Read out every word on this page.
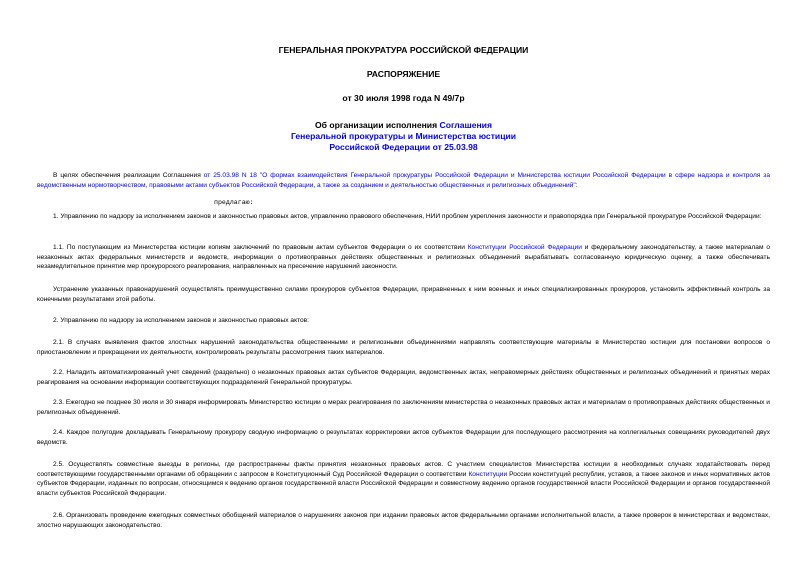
ГЕНЕРАЛЬНАЯ ПРОКУРАТУРА РОССИЙСКОЙ ФЕДЕРАЦИИ

РАСПОРЯЖЕНИЕ

от 30 июля 1998 года N 49/7р

Об организации исполнения Соглашения
Генеральной прокуратуры и Министерства юстиции
Российской Федерации от 25.03.98

В целях обеспечения реализации Соглашения от 25.03.98 N 18 "О формах взаимодействия Генеральной прокуратуры Российской Федерации и Министерства юстиции Российской Федерации в сфере надзора и контроля за ведомственным нормотворчеством, правовыми актами субъектов Российской Федерации, а также за созданием и деятельностью общественных и религиозных объединений":

предлагаю:

1. Управлению по надзору за исполнением законов и законностью правовых актов, управлению правового обеспечения, НИИ проблем укрепления законности и правопорядка при Генеральной прокуратуре Российской Федерации:

1.1. По поступающим из Министерства юстиции копиям заключений по правовым актам субъектов Федерации о их соответствии Конституции Российской Федерации и федеральному законодательству, а также материалам о незаконных актах федеральных министерств и ведомств, информации о противоправных действиях общественных и религиозных объединений вырабатывать согласованную юридическую оценку, а также обеспечивать незамедлительное принятие мер прокурорского реагирования, направленных на пресечение нарушений законности.

Устранение указанных правонарушений осуществлять преимущественно силами прокуроров субъектов Федерации, приравненных к ним военных и иных специализированных прокуроров, установить эффективный контроль за конечными результатами этой работы.

2. Управлению по надзору за исполнением законов и законностью правовых актов:

2.1. В случаях выявления фактов злостных нарушений законодательства общественными и религиозными объединениями направлять соответствующие материалы в Министерство юстиции для постановки вопросов о приостановлении и прекращении их деятельности, контролировать результаты рассмотрения таких материалов.

2.2. Наладить автоматизированный учет сведений (раздельно) о незаконных правовых актах субъектов Федерации, ведомственных актах, неправомерных действиях общественных и религиозных объединений и принятых мерах реагирования на основании информации соответствующих подразделений Генеральной прокуратуры.

2.3. Ежегодно не позднее 30 июля и 30 января информировать Министерство юстиции о мерах реагирования по заключениям министерства о незаконных правовых актах и материалам о противоправных действиях общественных и религиозных объединений.

2.4. Каждое полугодие докладывать Генеральному прокурору сводную информацию о результатах корректировки актов субъектов Федерации для последующего рассмотрения на коллегиальных совещаниях руководителей двух ведомств.

2.5. Осуществлять совместные выезды в регионы, где распространены факты принятия незаконных правовых актов. С участием специалистов Министерства юстиции в необходимых случаях ходатайствовать перед соответствующими государственными органами об обращении с запросом в Конституционный Суд Российской Федерации о соответствии Конституции России конституций республик, уставов, а также законов и иных нормативных актов субъектов Федерации, изданных по вопросам, относящимся к ведению органов государственной власти Российской Федерации и совместному ведению органов государственной власти Российской Федерации и органов государственной власти субъектов Российской Федерации.

2.6. Организовать проведение ежегодных совместных обобщений материалов о нарушениях законов при издании правовых актов федеральными органами исполнительной власти, а также проверок в министерствах и ведомствах, злостно нарушающих законодательство.
